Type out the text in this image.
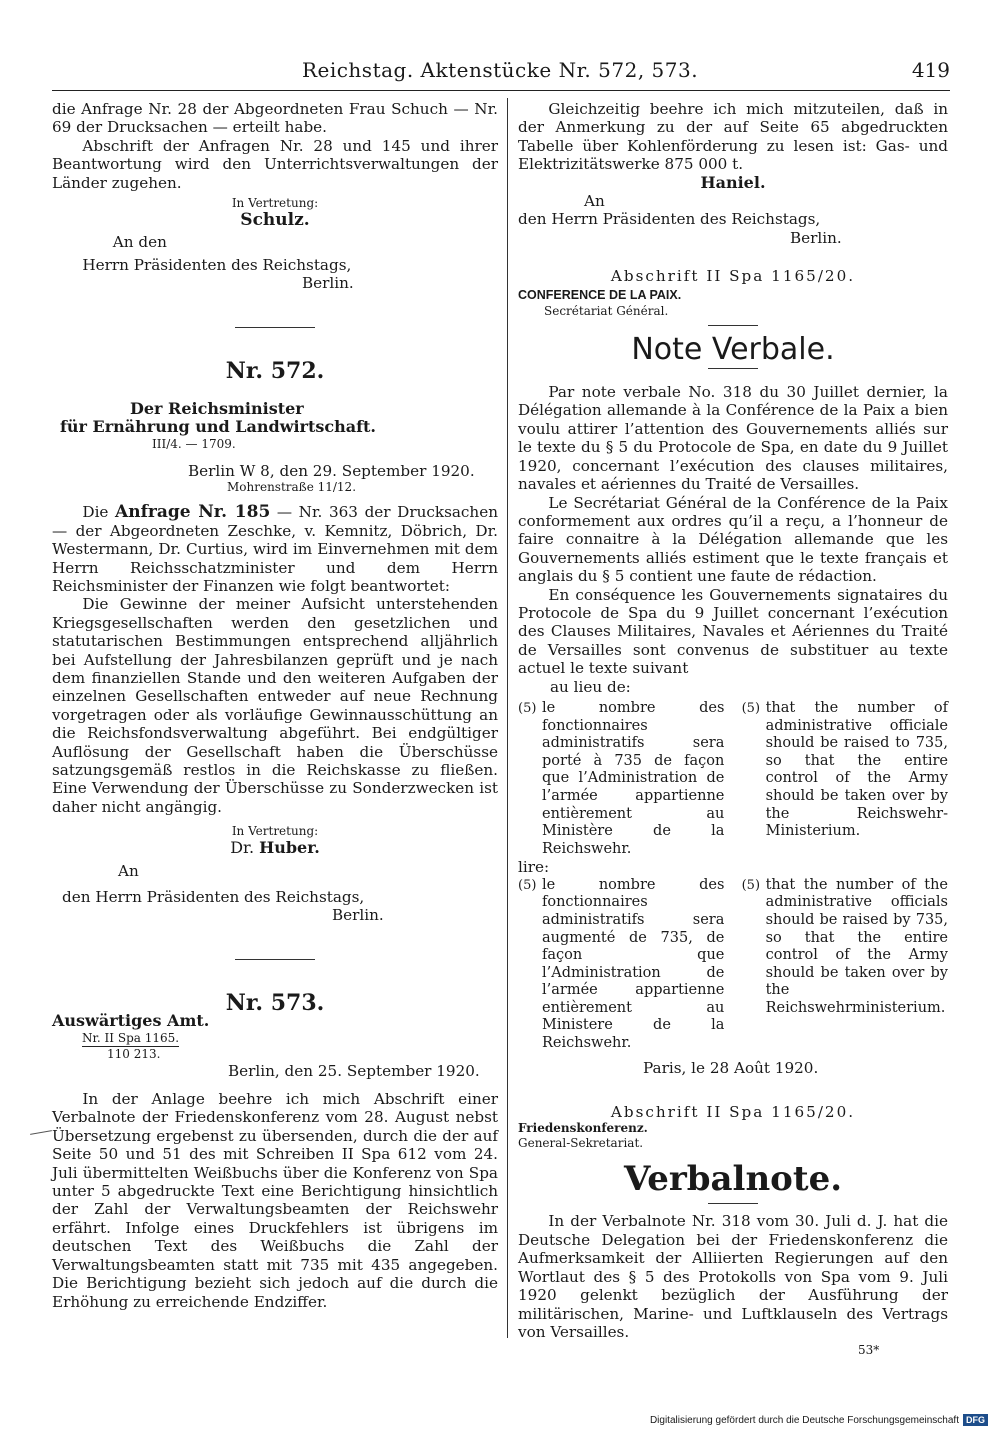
Reichstag. Aktenstücke Nr. 572, 573.	419

die Anfrage Nr. 28 der Abgeordneten Frau Schuch — Nr. 69 der Drucksachen — erteilt habe.

Abschrift der Anfragen Nr. 28 und 145 und ihrer Beantwortung wird den Unterrichtsverwaltungen der Länder zugehen.

In Vertretung:

Schulz.

An den

Herrn Präsidenten des Reichstags,

Berlin.

Nr. 572.

Der Reichsminister

für Ernährung und Landwirtschaft.

III/4. — 1709.

Berlin W 8, den 29. September 1920.

Mohrenstraße 11/12.

Die Anfrage Nr. 185 — Nr. 363 der Drucksachen — der Abgeordneten Zeschke, v. Kemnitz, Döbrich, Dr. Westermann, Dr. Curtius, wird im Einvernehmen mit dem Herrn Reichsschatzminister und dem Herrn Reichsminister der Finanzen wie folgt beantwortet:

Die Gewinne der meiner Aufsicht unterstehenden Kriegsgesellschaften werden den gesetzlichen und statutarischen Bestimmungen entsprechend alljährlich bei Aufstellung der Jahresbilanzen geprüft und je nach dem finanziellen Stande und den weiteren Aufgaben der einzelnen Gesellschaften entweder auf neue Rechnung vorgetragen oder als vorläufige Gewinnausschüttung an die Reichsfondsverwaltung abgeführt. Bei endgültiger Auflösung der Gesellschaft haben die Überschüsse satzungsgemäß restlos in die Reichskasse zu fließen. Eine Verwendung der Überschüsse zu Sonderzwecken ist daher nicht angängig.

In Vertretung:

Dr. Huber.

An

den Herrn Präsidenten des Reichstags,

Berlin.

Nr. 573.

Auswärtiges Amt.

Nr. II Spa 1165.

110 213.

Berlin, den 25. September 1920.

In der Anlage beehre ich mich Abschrift einer Verbalnote der Friedenskonferenz vom 28. August nebst Übersetzung ergebenst zu übersenden, durch die der auf Seite 50 und 51 des mit Schreiben II Spa 612 vom 24. Juli übermittelten Weißbuchs über die Konferenz von Spa unter 5 abgedruckte Text eine Berichtigung hinsichtlich der Zahl der Verwaltungsbeamten der Reichswehr erfährt. Infolge eines Druckfehlers ist übrigens im deutschen Text des Weißbuchs die Zahl der Verwaltungsbeamten statt mit 735 mit 435 angegeben. Die Berichtigung bezieht sich jedoch auf die durch die Erhöhung zu erreichende Endziffer.

Gleichzeitig beehre ich mich mitzuteilen, daß in der Anmerkung zu der auf Seite 65 abgedruckten Tabelle über Kohlenförderung zu lesen ist: Gas- und Elektrizitätswerke 875 000 t.

Haniel.

An

den Herrn Präsidenten des Reichstags,

Berlin.

Abschrift II Spa 1165/20.

CONFERENCE DE LA PAIX.

Secrétariat Général.

Note Verbale.

Par note verbale No. 318 du 30 Juillet dernier, la Délégation allemande à la Conférence de la Paix a bien voulu attirer l’attention des Gouvernements alliés sur le texte du § 5 du Protocole de Spa, en date du 9 Juillet 1920, concernant l’exécution des clauses militaires, navales et aériennes du Traité de Versailles.

Le Secrétariat Général de la Conférence de la Paix conformement aux ordres qu’il a reçu, a l’honneur de faire connaitre à la Délégation allemande que les Gouvernements alliés estiment que le texte français et anglais du § 5 contient une faute de rédaction.

En conséquence les Gouvernements signataires du Protocole de Spa du 9 Juillet concernant l’exécution des Clauses Militaires, Navales et Aériennes du Traité de Versailles sont convenus de substituer au texte actuel le texte suivant

au lieu de:

(5) le nombre des fonctionnaires administratifs sera porté à 735 de façon que l’Administration de l’armée appartienne entièrement au Ministère de la Reichswehr.
(5) that the number of administrative officiale should be raised to 735, so that the entire control of the Army should be taken over by the Reichswehr-Ministerium.

lire:

(5) le nombre des fonctionnaires administratifs sera augmenté de 735, de façon que l’Administration de l’armée appartienne entièrement au Ministere de la Reichswehr.
(5) that the number of the administrative officials should be raised by 735, so that the entire control of the Army should be taken over by the Reichswehrministerium.

Paris, le 28 Août 1920.

Abschrift II Spa 1165/20.

Friedenskonferenz.

General-Sekretariat.

Verbalnote.

In der Verbalnote Nr. 318 vom 30. Juli d. J. hat die Deutsche Delegation bei der Friedenskonferenz die Aufmerksamkeit der Alliierten Regierungen auf den Wortlaut des § 5 des Protokolls von Spa vom 9. Juli 1920 gelenkt bezüglich der Ausführung der militärischen, Marine- und Luftklauseln des Vertrags von Versailles.

53*

Digitalisierung gefördert durch die Deutsche Forschungsgemeinschaft DFG
